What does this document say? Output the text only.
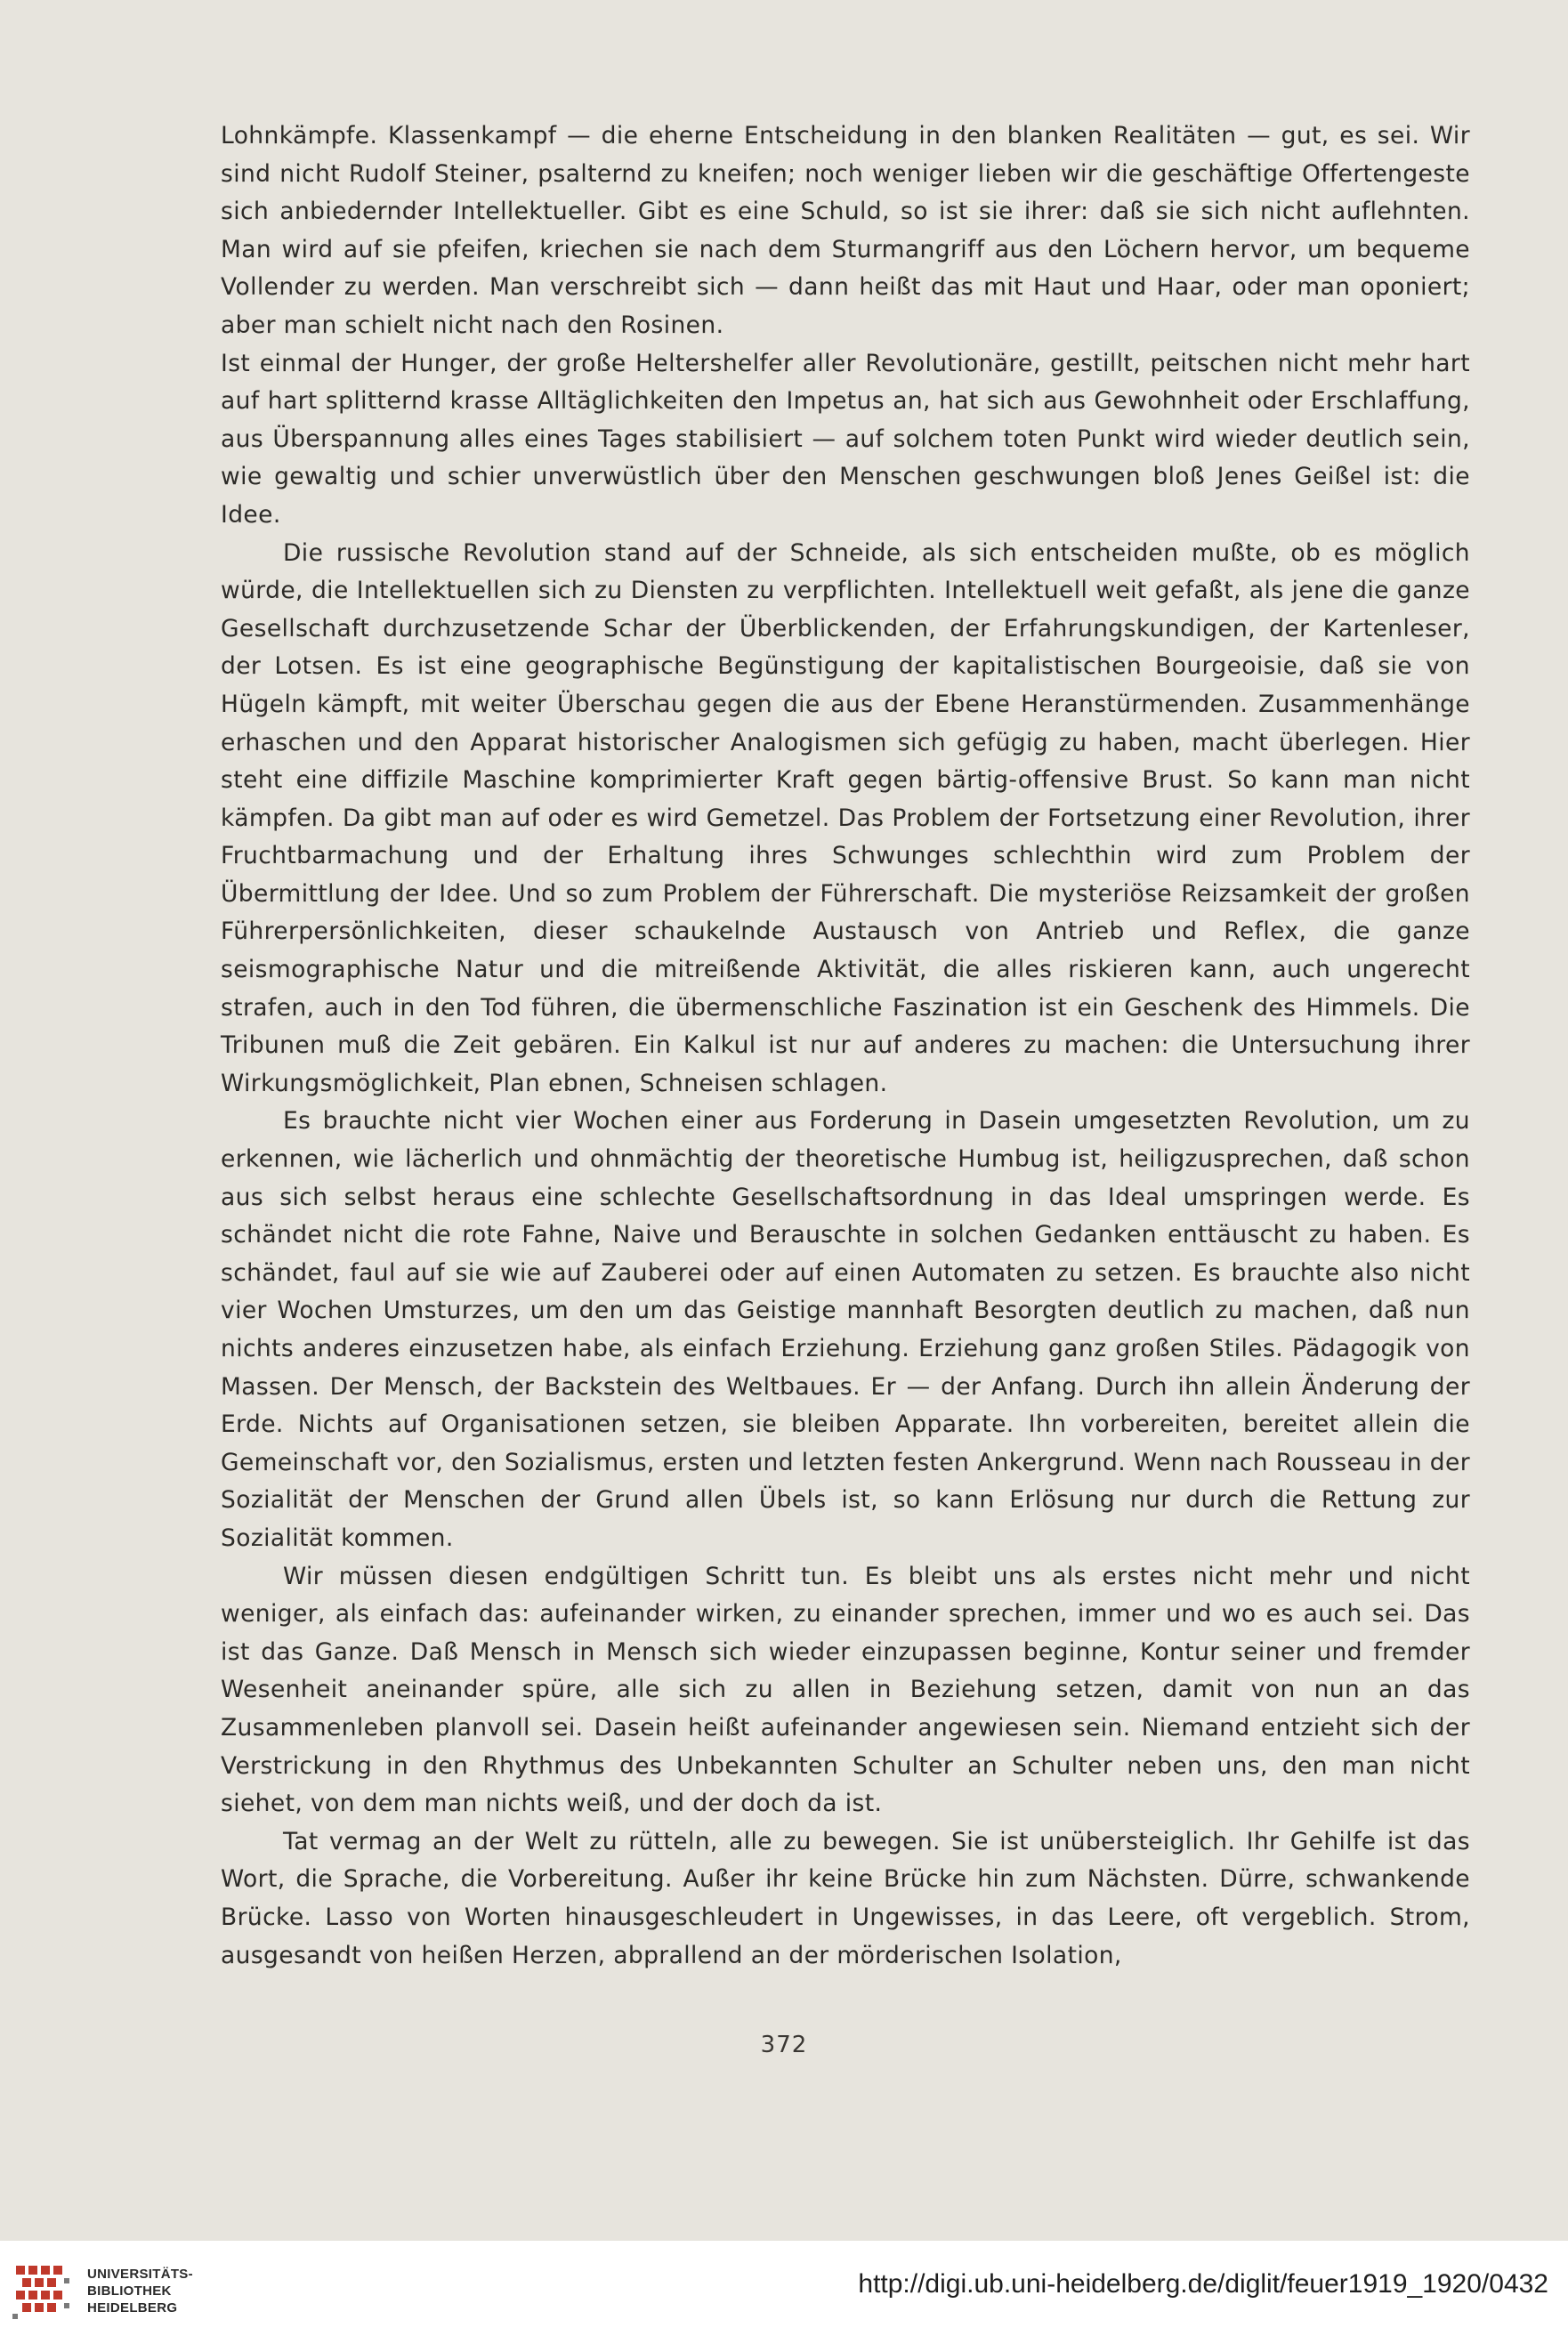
Lohnkämpfe. Klassenkampf — die eherne Entscheidung in den blanken Realitäten — gut, es sei. Wir sind nicht Rudolf Steiner, psalternd zu kneifen; noch weniger lieben wir die geschäftige Offertengeste sich anbiedernder Intellektueller. Gibt es eine Schuld, so ist sie ihrer: daß sie sich nicht auflehnten. Man wird auf sie pfeifen, kriechen sie nach dem Sturmangriff aus den Löchern hervor, um bequeme Vollender zu werden. Man verschreibt sich — dann heißt das mit Haut und Haar, oder man oponiert; aber man schielt nicht nach den Rosinen.

Ist einmal der Hunger, der große Heltershelfer aller Revolutionäre, gestillt, peitschen nicht mehr hart auf hart splitternd krasse Alltäglichkeiten den Impetus an, hat sich aus Gewohnheit oder Erschlaffung, aus Überspannung alles eines Tages stabilisiert — auf solchem toten Punkt wird wieder deutlich sein, wie gewaltig und schier unverwüstlich über den Menschen geschwungen bloß Jenes Geißel ist: die Idee.

Die russische Revolution stand auf der Schneide, als sich entscheiden mußte, ob es möglich würde, die Intellektuellen sich zu Diensten zu verpflichten. Intellektuell weit gefaßt, als jene die ganze Gesellschaft durchzusetzende Schar der Überblickenden, der Erfahrungskundigen, der Kartenleser, der Lotsen. Es ist eine geographische Begünstigung der kapitalistischen Bourgeoisie, daß sie von Hügeln kämpft, mit weiter Überschau gegen die aus der Ebene Heranstürmenden. Zusammenhänge erhaschen und den Apparat historischer Analogismen sich gefügig zu haben, macht überlegen. Hier steht eine diffizile Maschine komprimierter Kraft gegen bärtig-offensive Brust. So kann man nicht kämpfen. Da gibt man auf oder es wird Gemetzel. Das Problem der Fortsetzung einer Revolution, ihrer Fruchtbarmachung und der Erhaltung ihres Schwunges schlechthin wird zum Problem der Übermittlung der Idee. Und so zum Problem der Führerschaft. Die mysteriöse Reizsamkeit der großen Führerpersönlichkeiten, dieser schaukelnde Austausch von Antrieb und Reflex, die ganze seismographische Natur und die mitreißende Aktivität, die alles riskieren kann, auch ungerecht strafen, auch in den Tod führen, die übermenschliche Faszination ist ein Geschenk des Himmels. Die Tribunen muß die Zeit gebären. Ein Kalkul ist nur auf anderes zu machen: die Untersuchung ihrer Wirkungsmöglichkeit, Plan ebnen, Schneisen schlagen.

Es brauchte nicht vier Wochen einer aus Forderung in Dasein umgesetzten Revolution, um zu erkennen, wie lächerlich und ohnmächtig der theoretische Humbug ist, heiligzusprechen, daß schon aus sich selbst heraus eine schlechte Gesellschaftsordnung in das Ideal umspringen werde. Es schändet nicht die rote Fahne, Naive und Berauschte in solchen Gedanken enttäuscht zu haben. Es schändet, faul auf sie wie auf Zauberei oder auf einen Automaten zu setzen. Es brauchte also nicht vier Wochen Umsturzes, um den um das Geistige mannhaft Besorgten deutlich zu machen, daß nun nichts anderes einzusetzen habe, als einfach Erziehung. Erziehung ganz großen Stiles. Pädagogik von Massen. Der Mensch, der Backstein des Weltbaues. Er — der Anfang. Durch ihn allein Änderung der Erde. Nichts auf Organisationen setzen, sie bleiben Apparate. Ihn vorbereiten, bereitet allein die Gemeinschaft vor, den Sozialismus, ersten und letzten festen Ankergrund. Wenn nach Rousseau in der Sozialität der Menschen der Grund allen Übels ist, so kann Erlösung nur durch die Rettung zur Sozialität kommen.

Wir müssen diesen endgültigen Schritt tun. Es bleibt uns als erstes nicht mehr und nicht weniger, als einfach das: aufeinander wirken, zu einander sprechen, immer und wo es auch sei. Das ist das Ganze. Daß Mensch in Mensch sich wieder einzupassen beginne, Kontur seiner und fremder Wesenheit aneinander spüre, alle sich zu allen in Beziehung setzen, damit von nun an das Zusammenleben planvoll sei. Dasein heißt aufeinander angewiesen sein. Niemand entzieht sich der Verstrickung in den Rhythmus des Unbekannten Schulter an Schulter neben uns, den man nicht siehet, von dem man nichts weiß, und der doch da ist.

Tat vermag an der Welt zu rütteln, alle zu bewegen. Sie ist unübersteiglich. Ihr Gehilfe ist das Wort, die Sprache, die Vorbereitung. Außer ihr keine Brücke hin zum Nächsten. Dürre, schwankende Brücke. Lasso von Worten hinausgeschleudert in Ungewisses, in das Leere, oft vergeblich. Strom, ausgesandt von heißen Herzen, abprallend an der mörderischen Isolation,

372
UNIVERSITÄTS-
BIBLIOTHEK
HEIDELBERG
http://digi.ub.uni-heidelberg.de/diglit/feuer1919_1920/0432
